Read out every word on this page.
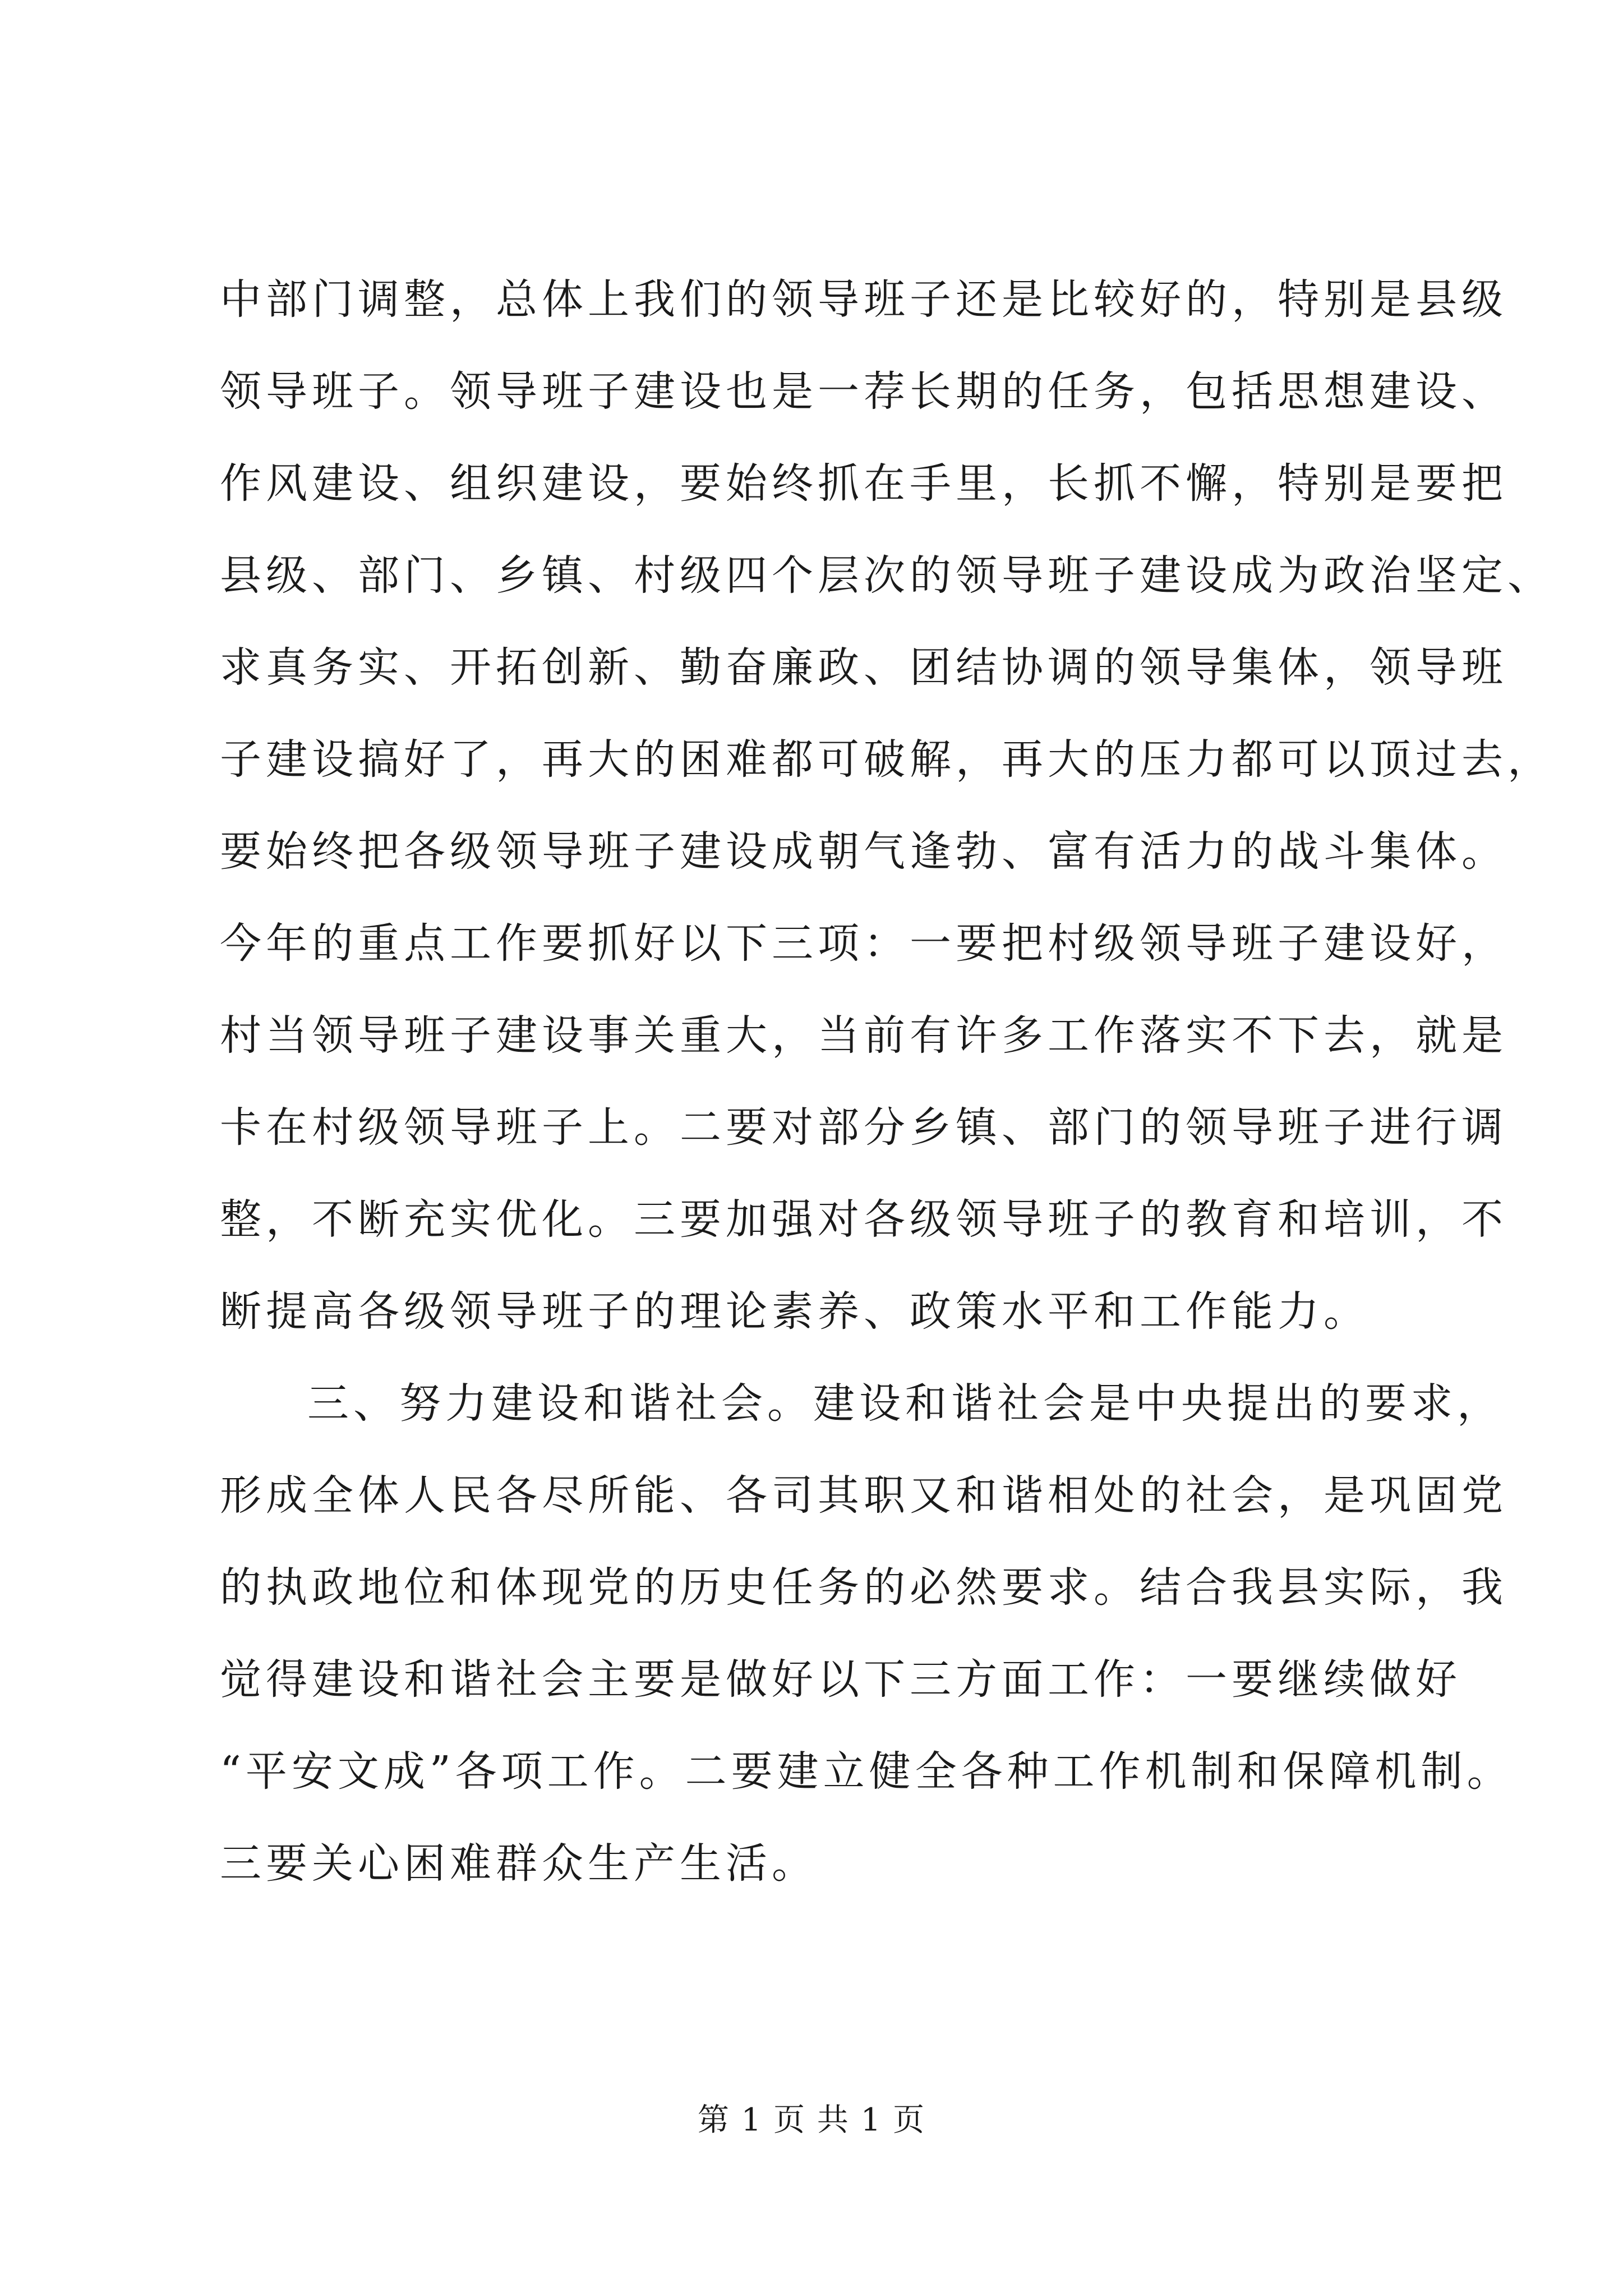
中部门调整，总体上我们的领导班子还是比较好的，特别是县级
领导班子。领导班子建设也是一荐长期的任务，包括思想建设、
作风建设、组织建设，要始终抓在手里，长抓不懈，特别是要把
县级、部门、乡镇、村级四个层次的领导班子建设成为政治坚定、
求真务实、开拓创新、勤奋廉政、团结协调的领导集体，领导班
子建设搞好了，再大的困难都可破解，再大的压力都可以顶过去，
要始终把各级领导班子建设成朝气逢勃、富有活力的战斗集体。
今年的重点工作要抓好以下三项：一要把村级领导班子建设好，
村当领导班子建设事关重大，当前有许多工作落实不下去，就是
卡在村级领导班子上。二要对部分乡镇、部门的领导班子进行调
整，不断充实优化。三要加强对各级领导班子的教育和培训，不
断提高各级领导班子的理论素养、政策水平和工作能力。
三、努力建设和谐社会。建设和谐社会是中央提出的要求，
形成全体人民各尽所能、各司其职又和谐相处的社会，是巩固党
的执政地位和体现党的历史任务的必然要求。结合我县实际，我
觉得建设和谐社会主要是做好以下三方面工作：一要继续做好
“平安文成”各项工作。二要建立健全各种工作机制和保障机制。
三要关心困难群众生产生活。
第 1 页 共 1 页
